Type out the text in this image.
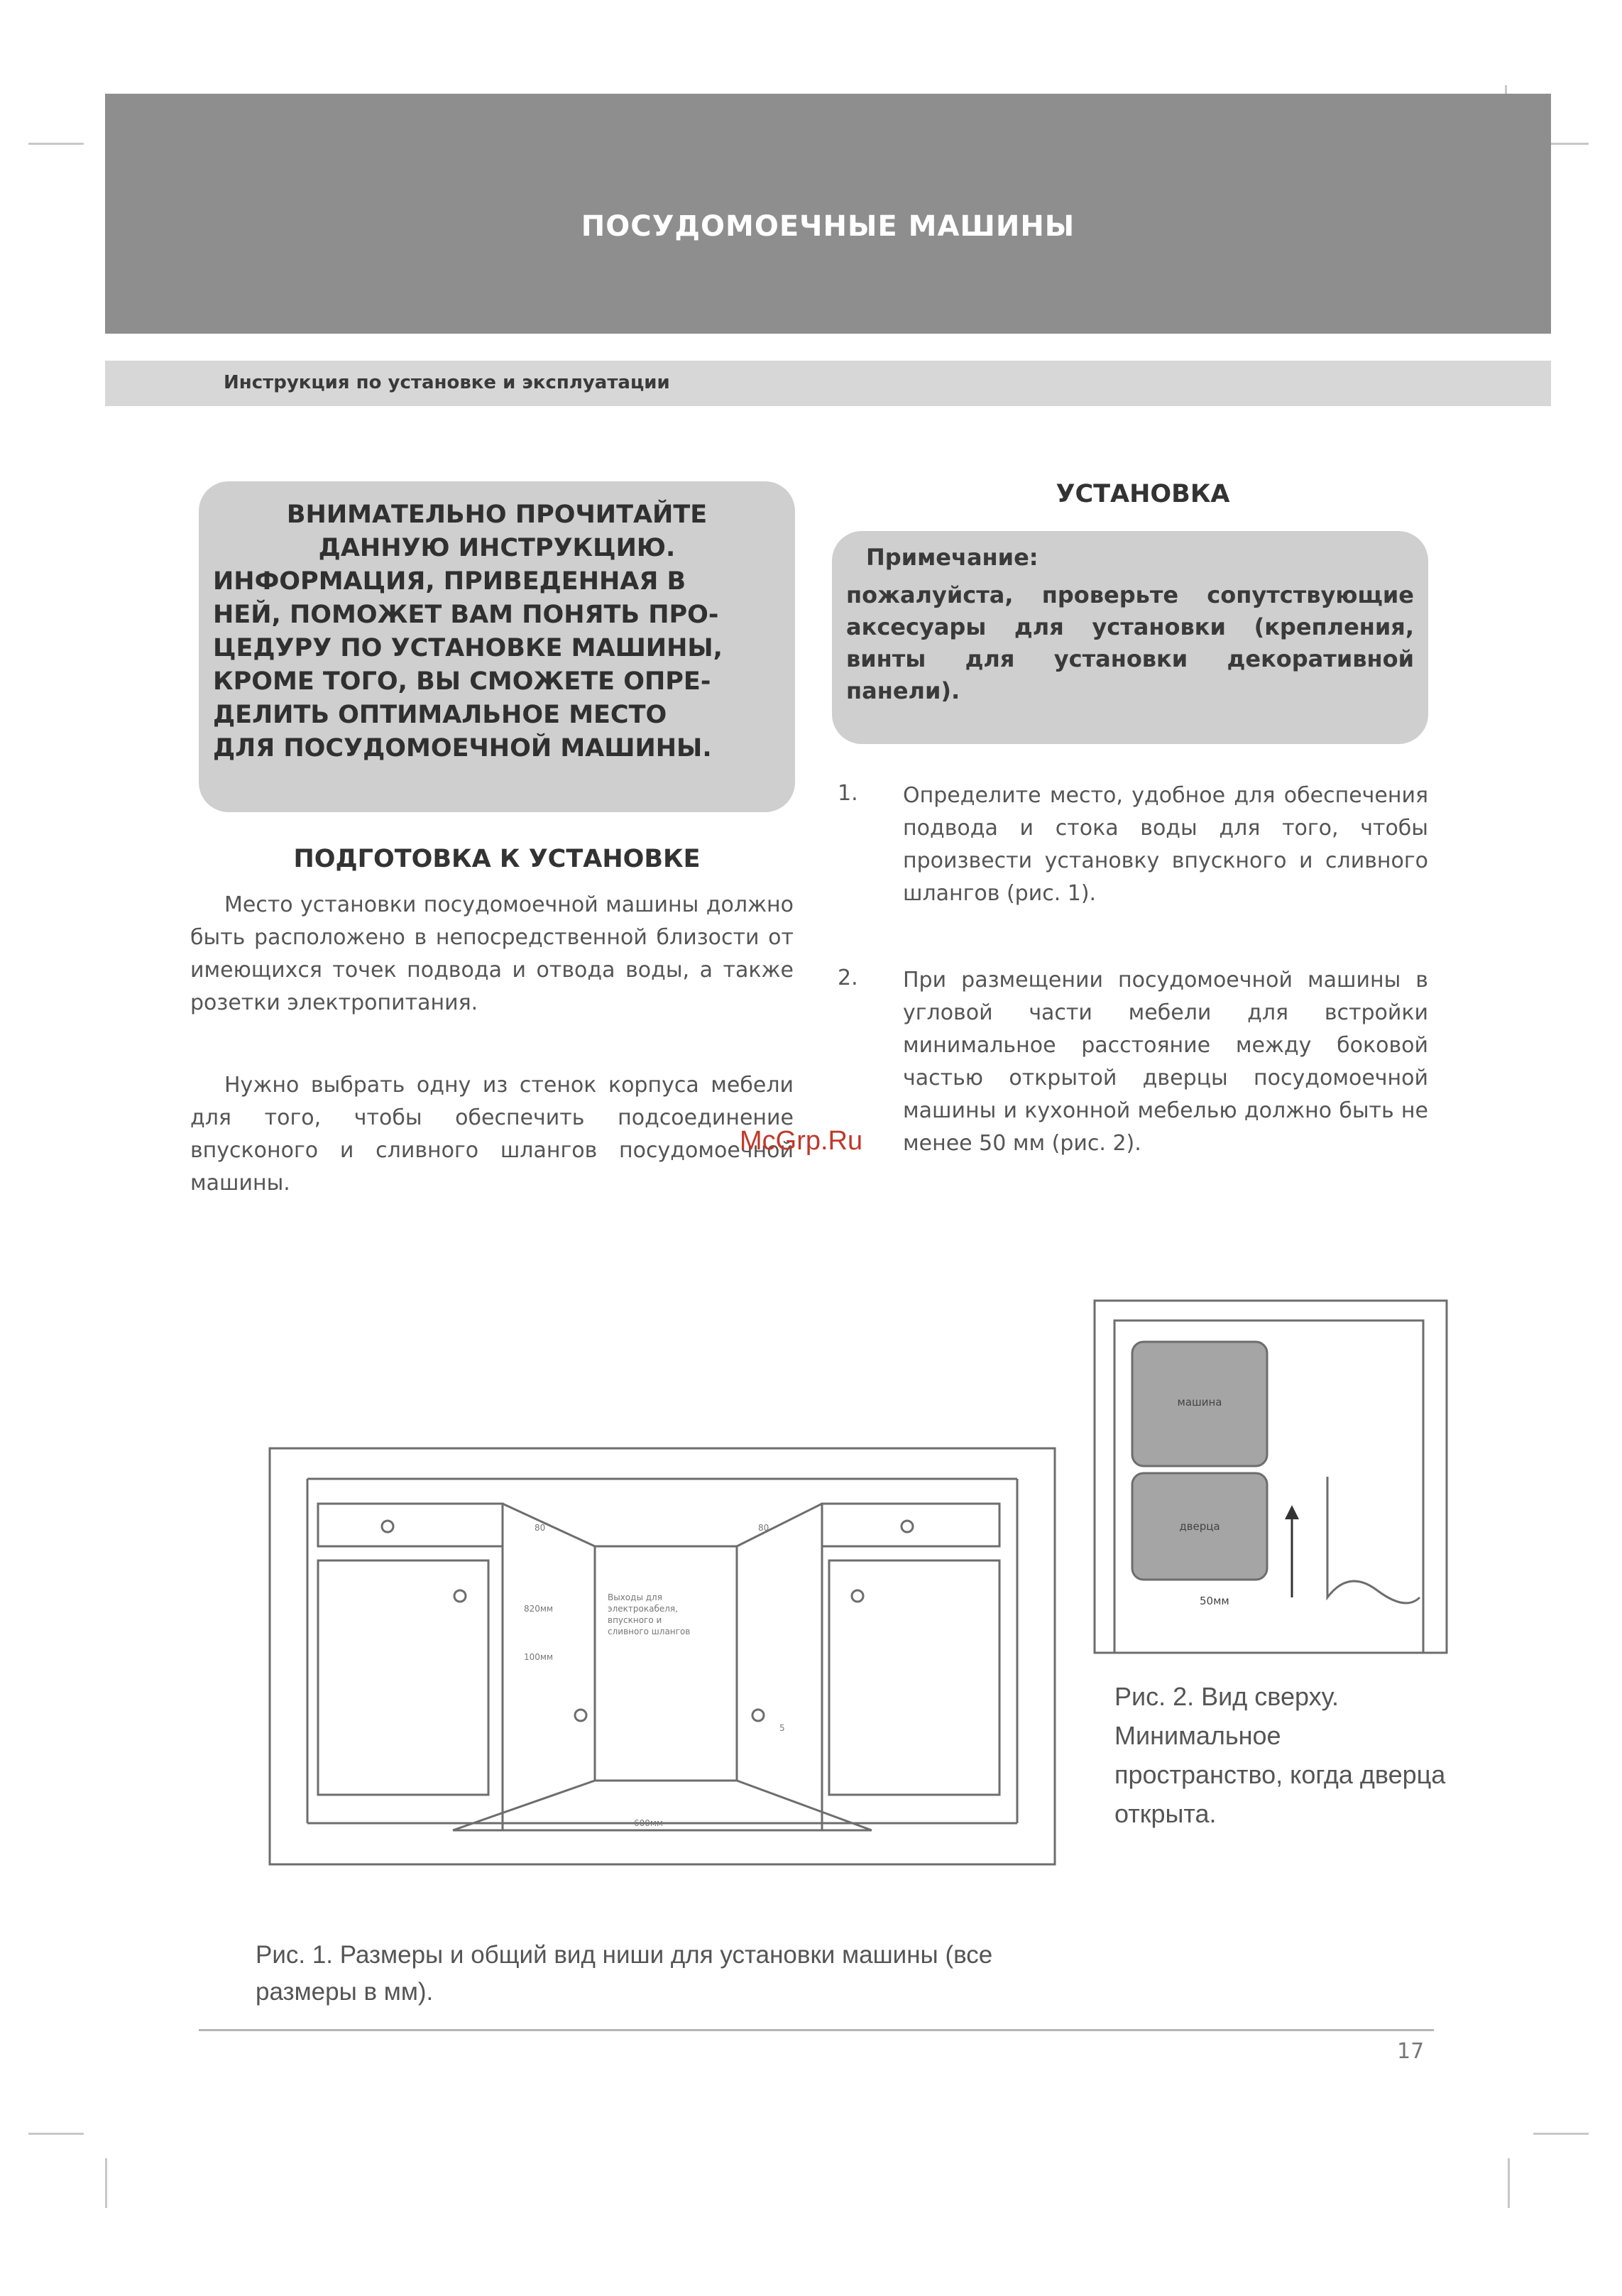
ПОСУДОМОЕЧНЫЕ МАШИНЫ
Инструкция по установке и эксплуатации
ВНИМАТЕЛЬНО ПРОЧИТАЙТЕ
ДАННУЮ ИНСТРУКЦИЮ.
ИНФОРМАЦИЯ, ПРИВЕДЕННАЯ В
НЕЙ, ПОМОЖЕТ ВАМ ПОНЯТЬ ПРО-
ЦЕДУРУ ПО УСТАНОВКЕ МАШИНЫ,
КРОМЕ ТОГО, ВЫ СМОЖЕТЕ ОПРЕ-
ДЕЛИТЬ ОПТИМАЛЬНОЕ МЕСТО
ДЛЯ ПОСУДОМОЕЧНОЙ МАШИНЫ.
УСТАНОВКА
Примечание:
пожалуйста, проверьте сопутствующие аксесуары для установки (крепления, винты для установки декоративной панели).
1. Определите место, удобное для обеспечения подвода и стока воды для того, чтобы произвести установку впускного и сливного шлангов (рис. 1).
2. При размещении посудомоечной машины в угловой части мебели для встройки минимальное расстояние между боковой частью открытой дверцы посудомоечной машины и кухонной мебелью должно быть не менее 50 мм (рис. 2).
ПОДГОТОВКА К УСТАНОВКЕ
Место установки посудомоечной машины должно быть расположено в непосредственной близости от имеющихся точек подвода и отвода воды, а также розетки электропитания.
Нужно выбрать одну из стенок корпуса мебели для того, чтобы обеспечить подсоединение впусконого и сливного шлангов посудомоечной машины.
McGrp.Ru
Выходы для
электрокабеля,
впускного и
сливного шлангов
80	80
820мм
100мм
600мм
5
машина
дверца
50мм
Рис. 1. Размеры и общий вид ниши для установки машины (все размеры в мм).
Рис. 2. Вид сверху. Минимальное пространство, когда дверца открыта.
17
